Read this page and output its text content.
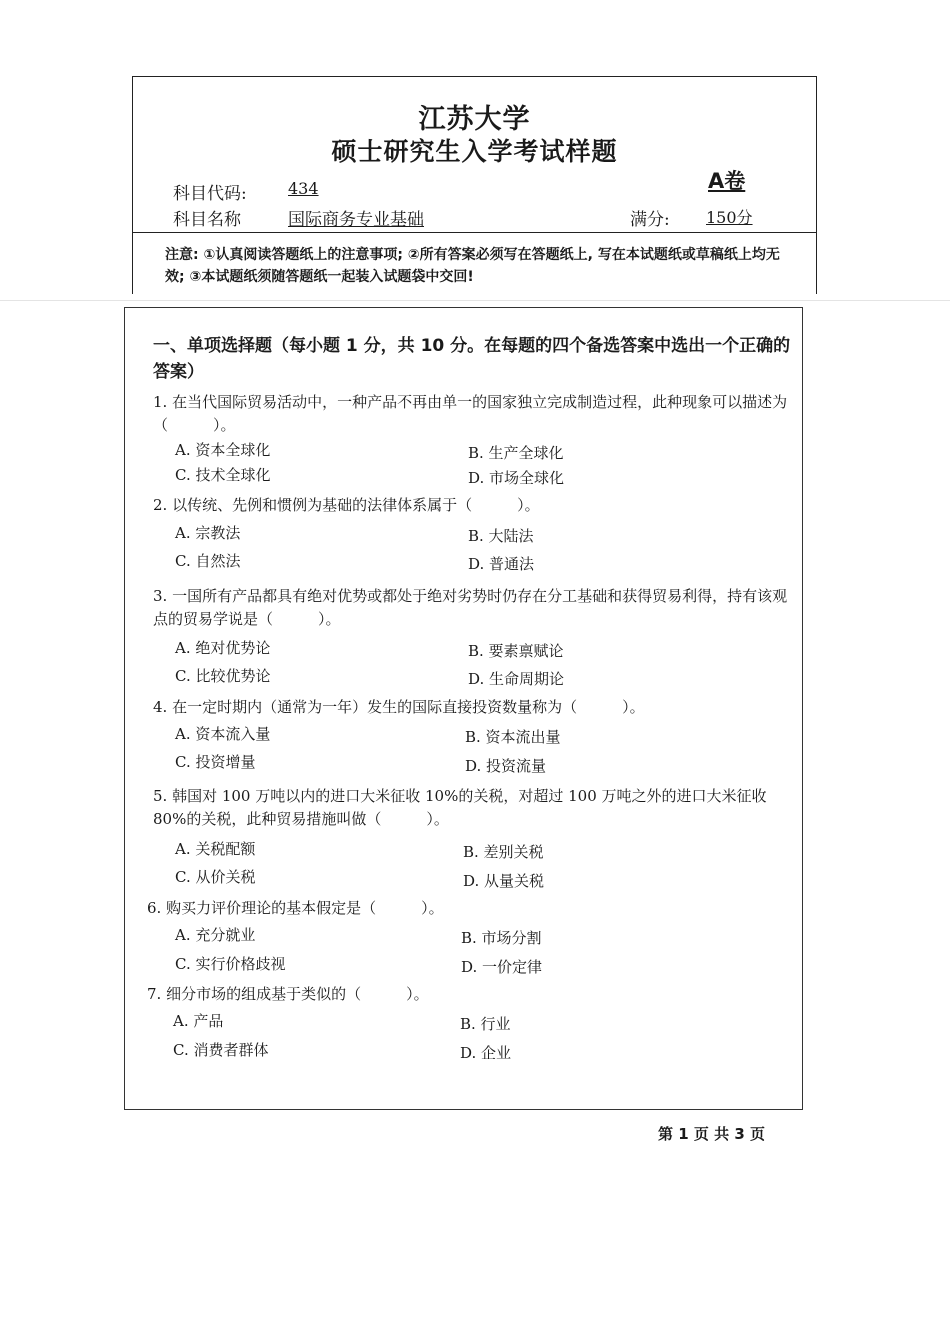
江苏大学
硕士研究生入学考试样题
科目代码:	434	A卷
科目名称	国际商务专业基础	满分: 150分
注意: ①认真阅读答题纸上的注意事项; ②所有答案必须写在答题纸上, 写在本试题纸或草稿纸上均无效; ③本试题纸须随答题纸一起装入试题袋中交回!
一、单项选择题（每小题 1 分，共 10 分。在每题的四个备选答案中选出一个正确的答案）
1. 在当代国际贸易活动中，一种产品不再由单一的国家独立完成制造过程，此种现象可以描述为（　　　）。
A. 资本全球化	B. 生产全球化
C. 技术全球化	D. 市场全球化
2. 以传统、先例和惯例为基础的法律体系属于（　　　）。
A. 宗教法	B. 大陆法
C. 自然法	D. 普通法
3. 一国所有产品都具有绝对优势或都处于绝对劣势时仍存在分工基础和获得贸易利得，持有该观点的贸易学说是（　　　）。
A. 绝对优势论	B. 要素禀赋论
C. 比较优势论	D. 生命周期论
4. 在一定时期内（通常为一年）发生的国际直接投资数量称为（　　　）。
A. 资本流入量	B. 资本流出量
C. 投资增量	D. 投资流量
5. 韩国对 100 万吨以内的进口大米征收 10%的关税，对超过 100 万吨之外的进口大米征收 80%的关税，此种贸易措施叫做（　　　）。
A. 关税配额	B. 差别关税
C. 从价关税	D. 从量关税
6. 购买力评价理论的基本假定是（　　　）。
A. 充分就业	B. 市场分割
C. 实行价格歧视	D. 一价定律
7. 细分市场的组成基于类似的（　　　）。
A. 产品	B. 行业
C. 消费者群体	D. 企业
第 1 页 共 3 页
